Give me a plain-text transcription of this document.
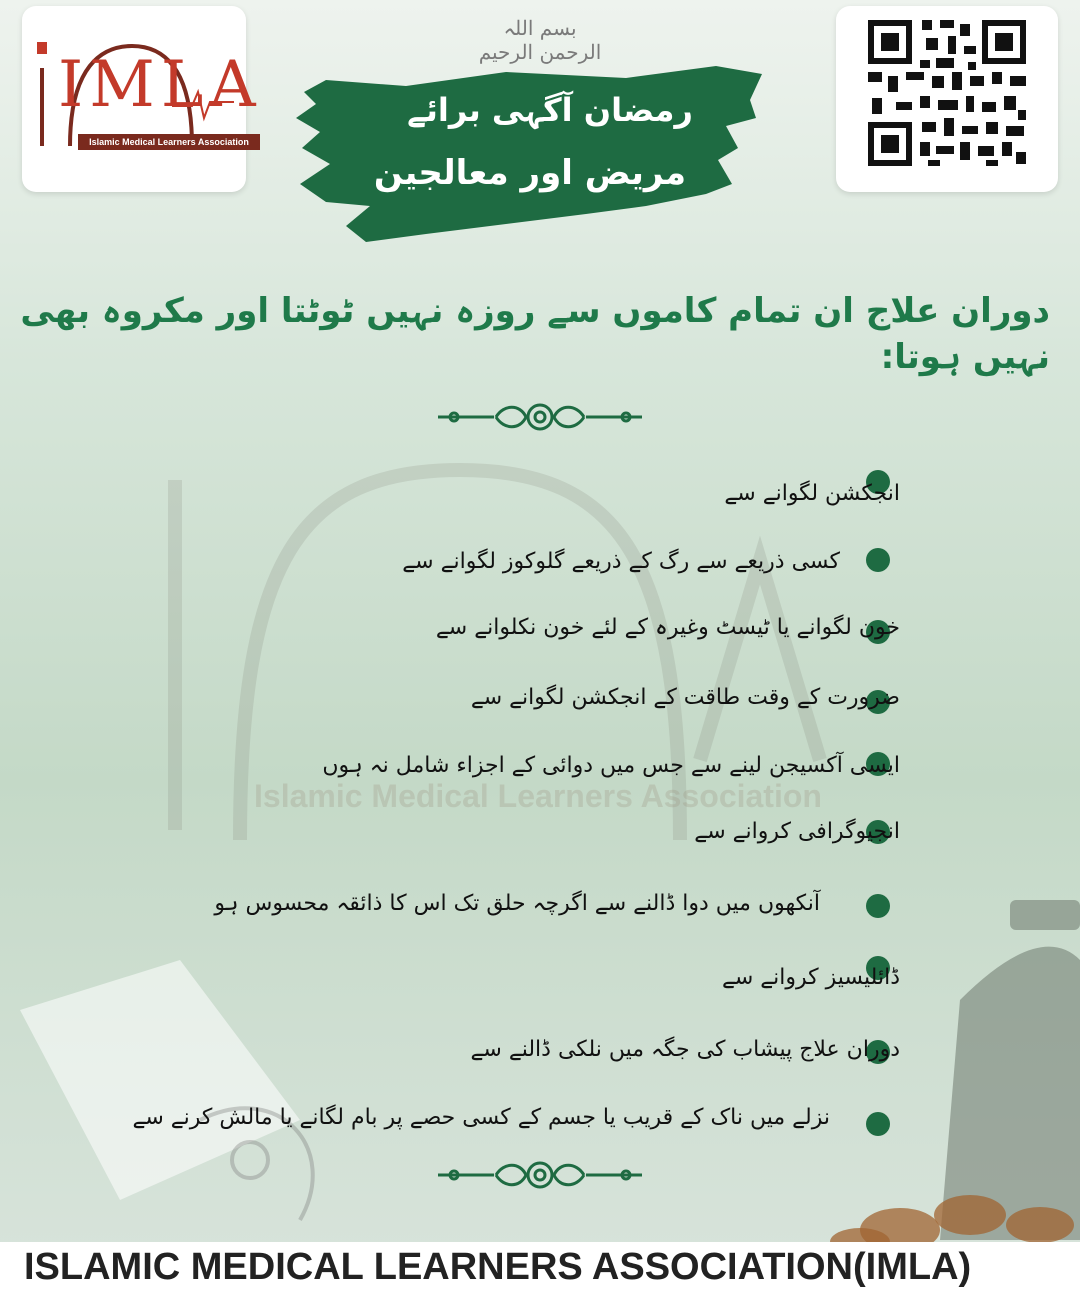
Islamic Medical Learners Association
IMLA
Islamic Medical Learners Association
بسم اللہ الرحمن الرحیم
رمضان آگہی برائے
مریض اور معالجین
دوران علاج ان تمام کاموں سے روزہ نہیں ٹوٹتا اور مکروہ بھی نہیں ہوتا:
انجکشن لگوانے سے
کسی ذریعے سے رگ کے ذریعے گلوکوز لگوانے سے
خون لگوانے یا ٹیسٹ وغیرہ کے لئے خون نکلوانے سے
ضرورت کے وقت طاقت کے انجکشن لگوانے سے
ایسی آکسیجن لینے سے جس میں دوائی کے اجزاء شامل نہ ہوں
انجیوگرافی کروانے سے
آنکھوں میں دوا ڈالنے سے اگرچہ حلق تک اس کا ذائقہ محسوس ہو
ڈائلیسیز کروانے سے
دوران علاج پیشاب کی جگہ میں نلکی ڈالنے سے
نزلے میں ناک کے قریب یا جسم کے کسی حصے پر بام لگانے یا مالش کرنے سے
ISLAMIC MEDICAL LEARNERS ASSOCIATION(IMLA)
